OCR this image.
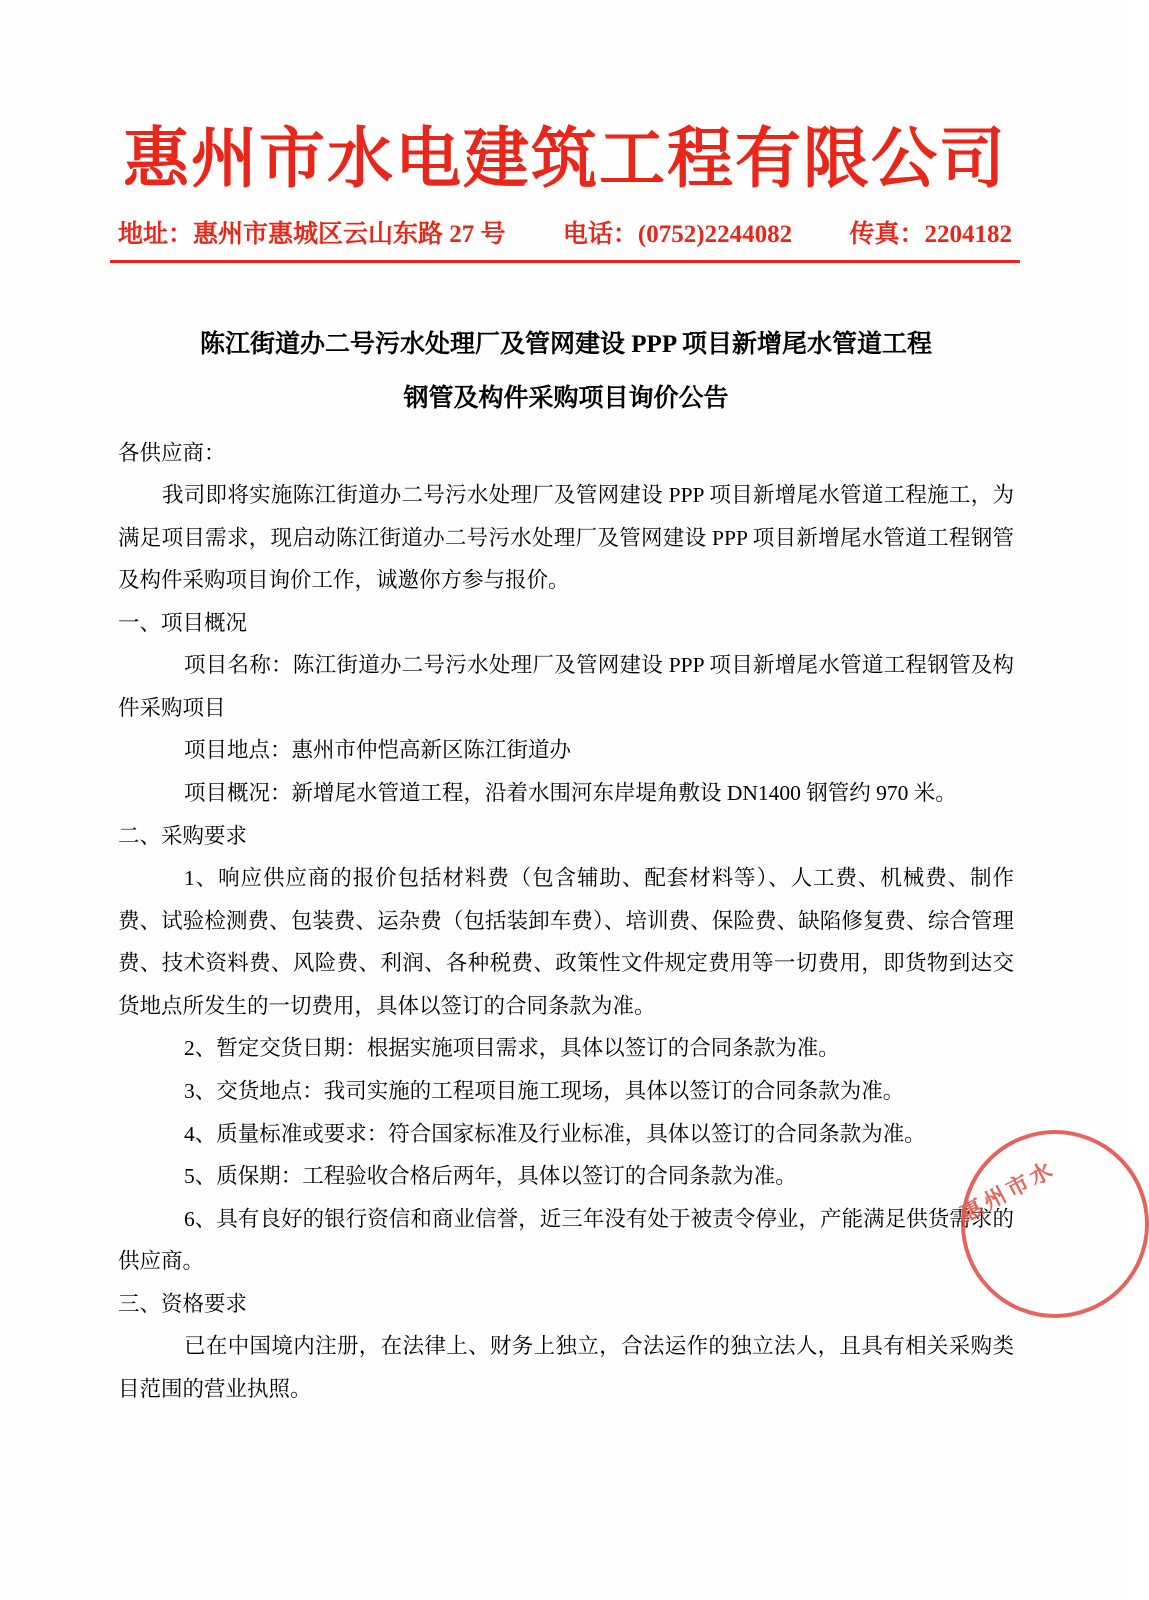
惠州市水电建筑工程有限公司
地址：惠州市惠城区云山东路 27 号 电话：(0752)2244082 传真：2204182
陈江街道办二号污水处理厂及管网建设 PPP 项目新增尾水管道工程
钢管及构件采购项目询价公告

各供应商：

我司即将实施陈江街道办二号污水处理厂及管网建设 PPP 项目新增尾水管道工程施工，为满足项目需求，现启动陈江街道办二号污水处理厂及管网建设 PPP 项目新增尾水管道工程钢管及构件采购项目询价工作，诚邀你方参与报价。

一、项目概况

项目名称：陈江街道办二号污水处理厂及管网建设 PPP 项目新增尾水管道工程钢管及构件采购项目

项目地点：惠州市仲恺高新区陈江街道办

项目概况：新增尾水管道工程，沿着水围河东岸堤角敷设 DN1400 钢管约 970 米。

二、采购要求

1、响应供应商的报价包括材料费（包含辅助、配套材料等）、人工费、机械费、制作费、试验检测费、包装费、运杂费（包括装卸车费）、培训费、保险费、缺陷修复费、综合管理费、技术资料费、风险费、利润、各种税费、政策性文件规定费用等一切费用，即货物到达交货地点所发生的一切费用，具体以签订的合同条款为准。

2、暂定交货日期：根据实施项目需求，具体以签订的合同条款为准。

3、交货地点：我司实施的工程项目施工现场，具体以签订的合同条款为准。

4、质量标准或要求：符合国家标准及行业标准，具体以签订的合同条款为准。

5、质保期：工程验收合格后两年，具体以签订的合同条款为准。

6、具有良好的银行资信和商业信誉，近三年没有处于被责令停业，产能满足供货需求的供应商。

三、资格要求

已在中国境内注册，在法律上、财务上独立，合法运作的独立法人，且具有相关采购类目范围的营业执照。

惠州市水
